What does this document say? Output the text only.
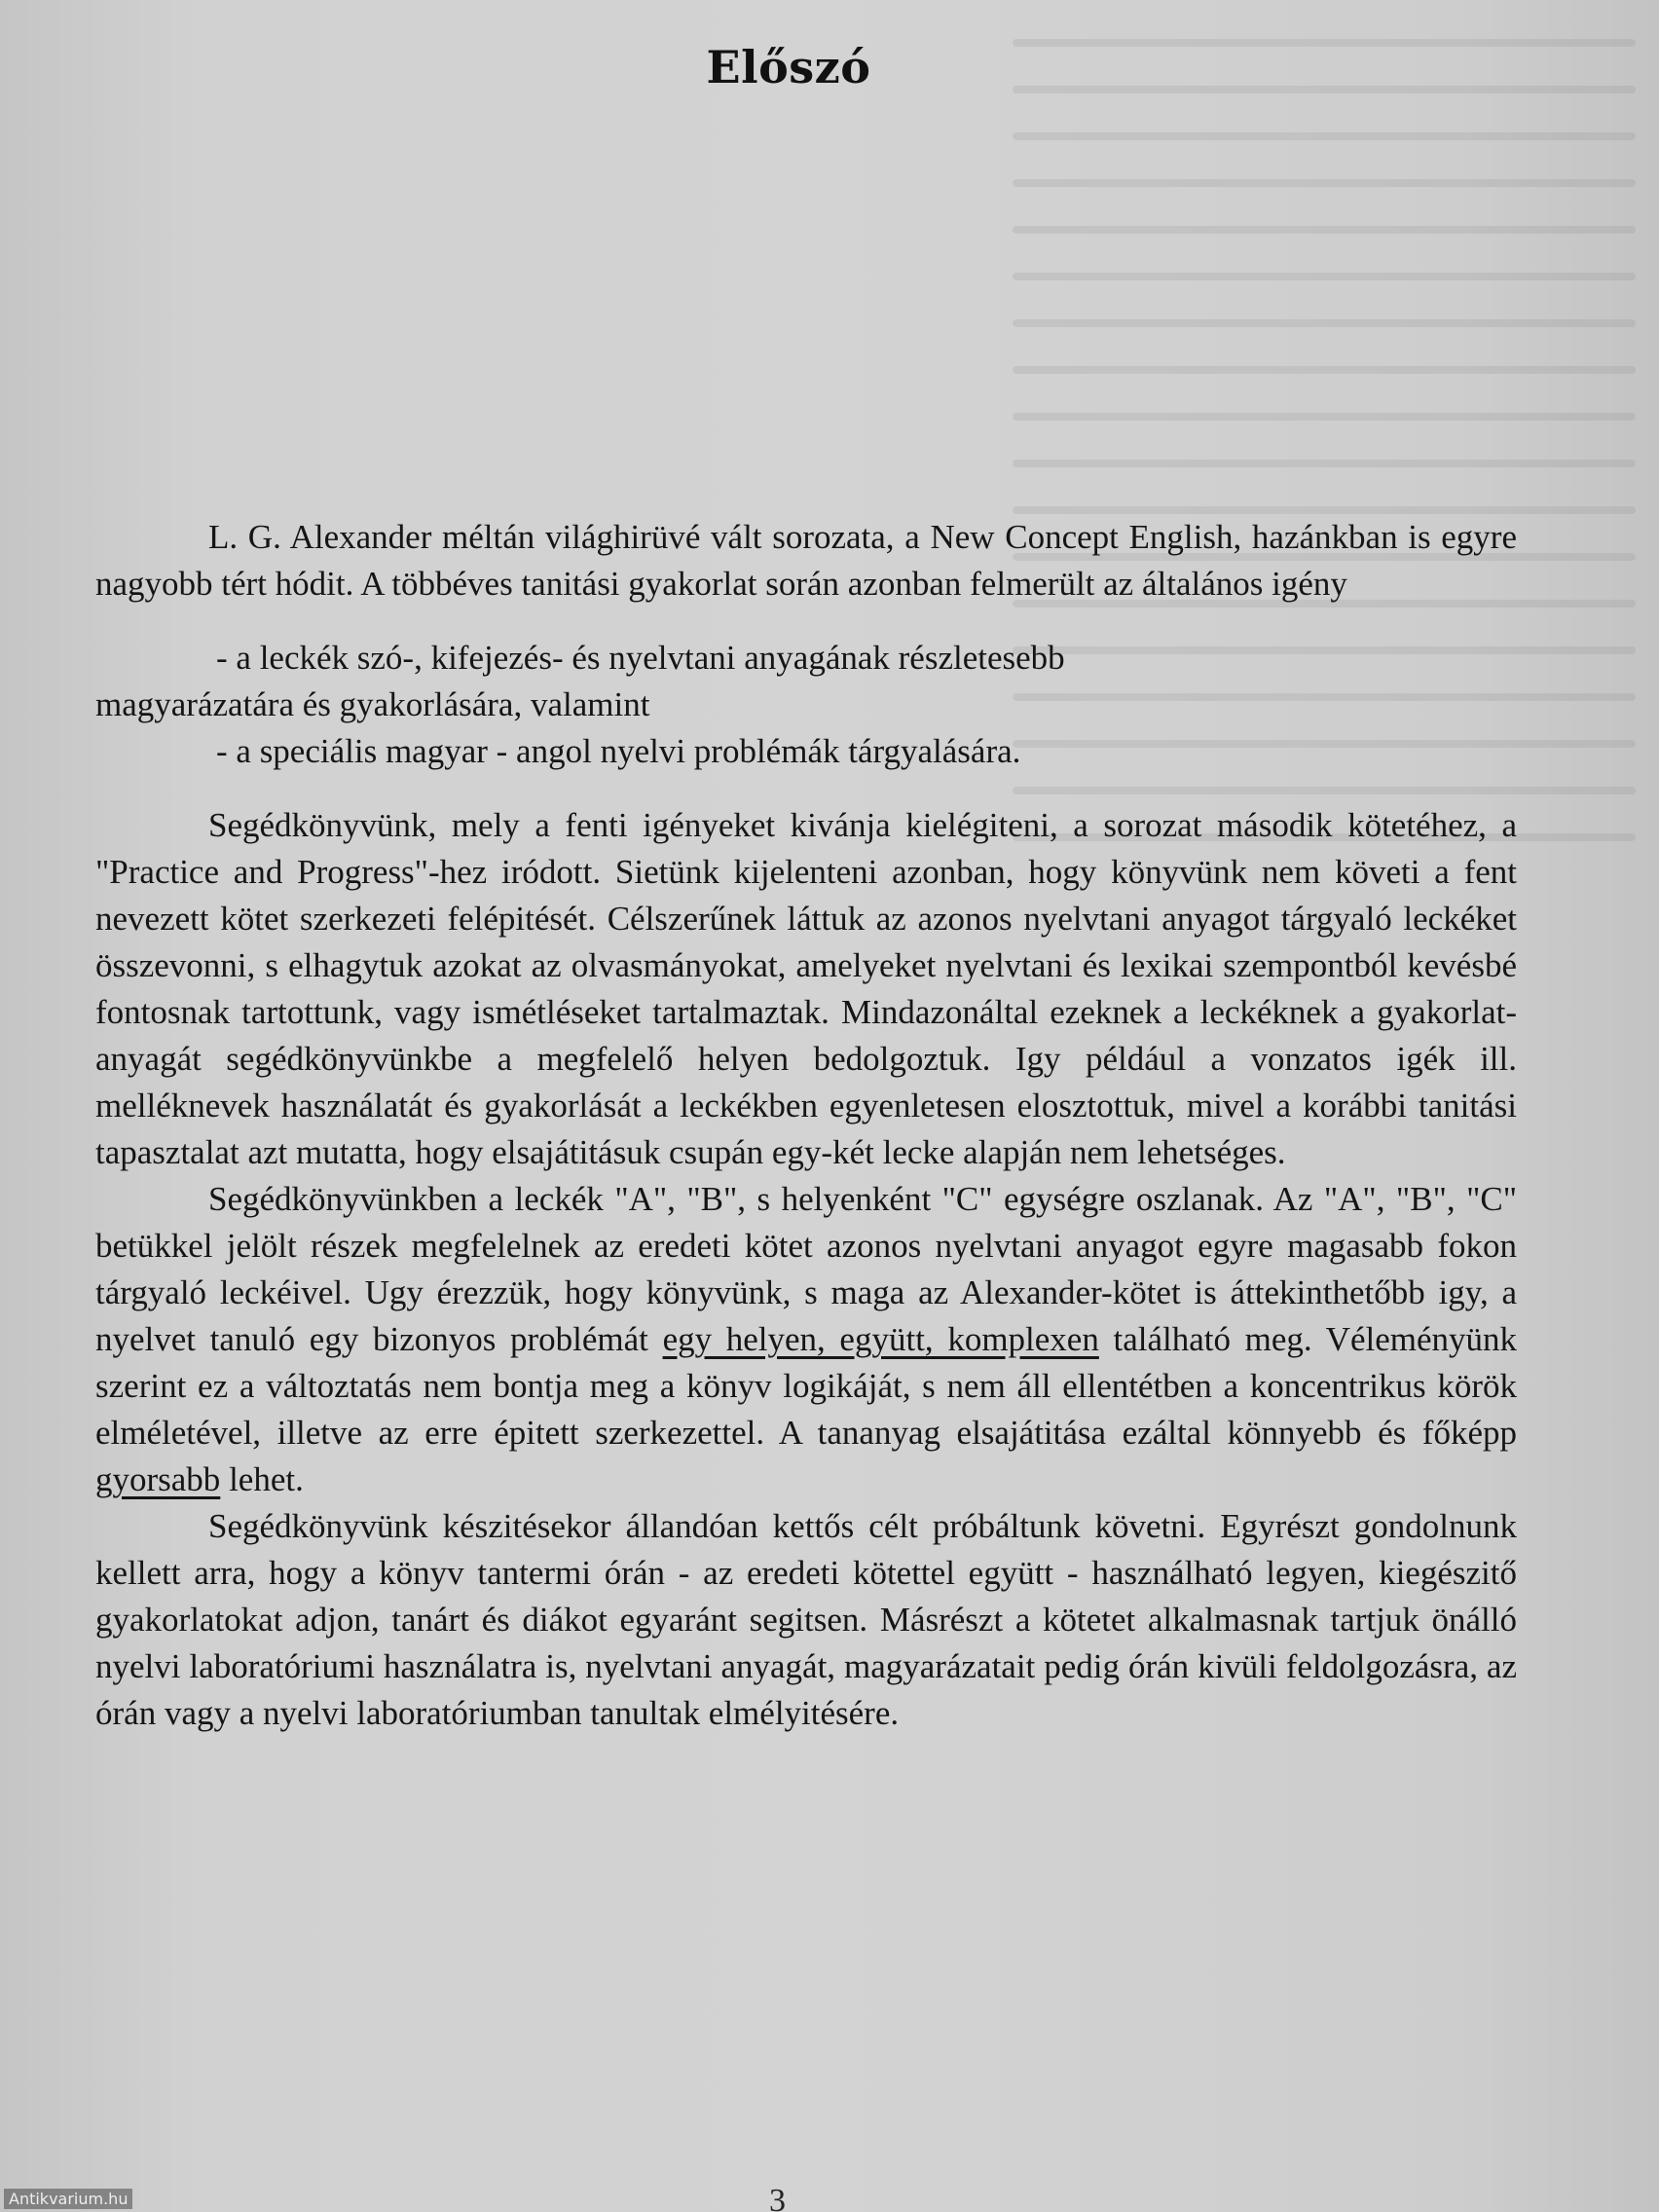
Előszó

L. G. Alexander méltán világhirüvé vált sorozata, a New Concept English, hazánkban is egyre nagyobb tért hódit. A többéves tanitási gyakorlat során azonban felmerült az általános igény

- a leckék szó-, kifejezés- és nyelvtani anyagának részletesebb

magyarázatára és gyakorlására, valamint

- a speciális magyar - angol nyelvi problémák tárgyalására.

Segédkönyvünk, mely a fenti igényeket kivánja kielégiteni, a sorozat második kötetéhez, a "Practice and Progress"-hez iródott. Sietünk kijelenteni azonban, hogy könyvünk nem követi a fent nevezett kötet szerkezeti felépitését. Célszerűnek láttuk az azonos nyelvtani anyagot tárgyaló leckéket összevonni, s elhagytuk azokat az olvasmányokat, amelyeket nyelvtani és lexikai szempontból kevésbé fontosnak tartottunk, vagy ismétléseket tartalmaztak. Mindazonáltal ezeknek a leckéknek a gyakorlat-anyagát segédkönyvünkbe a megfelelő helyen bedolgoztuk. Igy például a vonzatos igék ill. melléknevek használatát és gyakorlását a leckékben egyenletesen elosztottuk, mivel a korábbi tanitási tapasztalat azt mutatta, hogy elsajátitásuk csupán egy-két lecke alapján nem lehetséges.

Segédkönyvünkben a leckék "A", "B", s helyenként "C" egységre oszlanak. Az "A", "B", "C" betükkel jelölt részek megfelelnek az eredeti kötet azonos nyelvtani anyagot egyre magasabb fokon tárgyaló leckéivel. Ugy érezzük, hogy könyvünk, s maga az Alexander-kötet is áttekinthetőbb igy, a nyelvet tanuló egy bizonyos problémát egy helyen, együtt, komplexen található meg. Véleményünk szerint ez a változtatás nem bontja meg a könyv logikáját, s nem áll ellentétben a koncentrikus körök elméletével, illetve az erre épitett szerkezettel. A tananyag elsajátitása ezáltal könnyebb és főképp gyorsabb lehet.

Segédkönyvünk készitésekor állandóan kettős célt próbáltunk követni. Egyrészt gondolnunk kellett arra, hogy a könyv tantermi órán - az eredeti kötettel együtt - használható legyen, kiegészitő gyakorlatokat adjon, tanárt és diákot egyaránt segitsen. Másrészt a kötetet alkalmasnak tartjuk önálló nyelvi laboratóriumi használatra is, nyelvtani anyagát, magyarázatait pedig órán kivüli feldolgozásra, az órán vagy a nyelvi laboratóriumban tanultak elmélyitésére.

3
Antikvarium.hu
